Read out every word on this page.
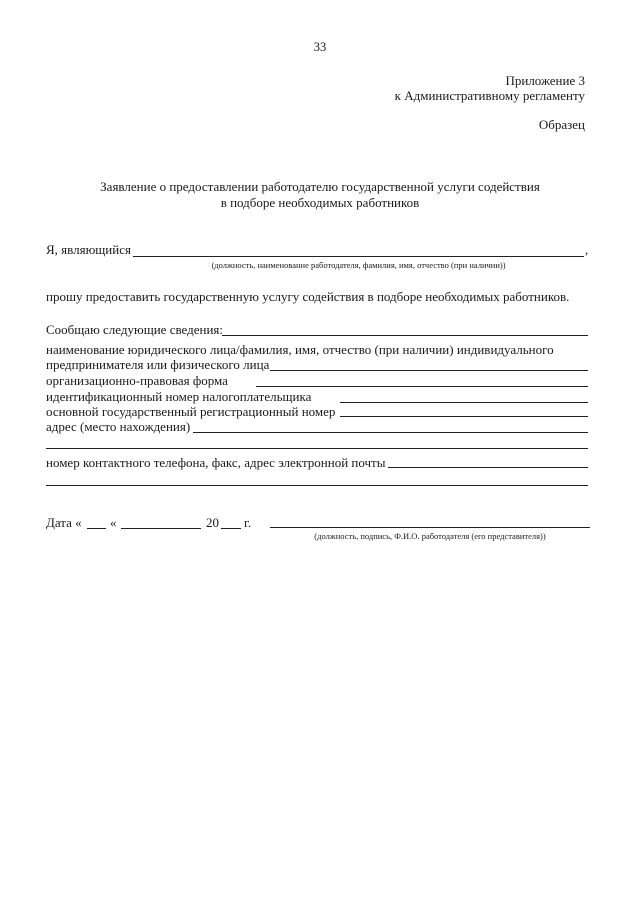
33
Приложение 3
к Административному регламенту
Образец
Заявление о предоставлении работодателю государственной услуги содействия
в подборе необходимых работников
Я, являющийся	,
(должность, наименование работодателя, фамилия, имя, отчество (при наличии))
прошу предоставить государственную услугу содействия в подборе необходимых работников.
Сообщаю следующие сведения:
наименование юридического лица/фамилия, имя, отчество (при наличии) индивидуального
предпринимателя или физического лица
организационно-правовая форма
идентификационный номер налогоплательщика
основной государственный регистрационный номер
адрес (место нахождения)
номер контактного телефона, факс, адрес электронной почты
Дата « «	20 г.
(должность, подпись, Ф.И.О. работодателя (его представителя))
